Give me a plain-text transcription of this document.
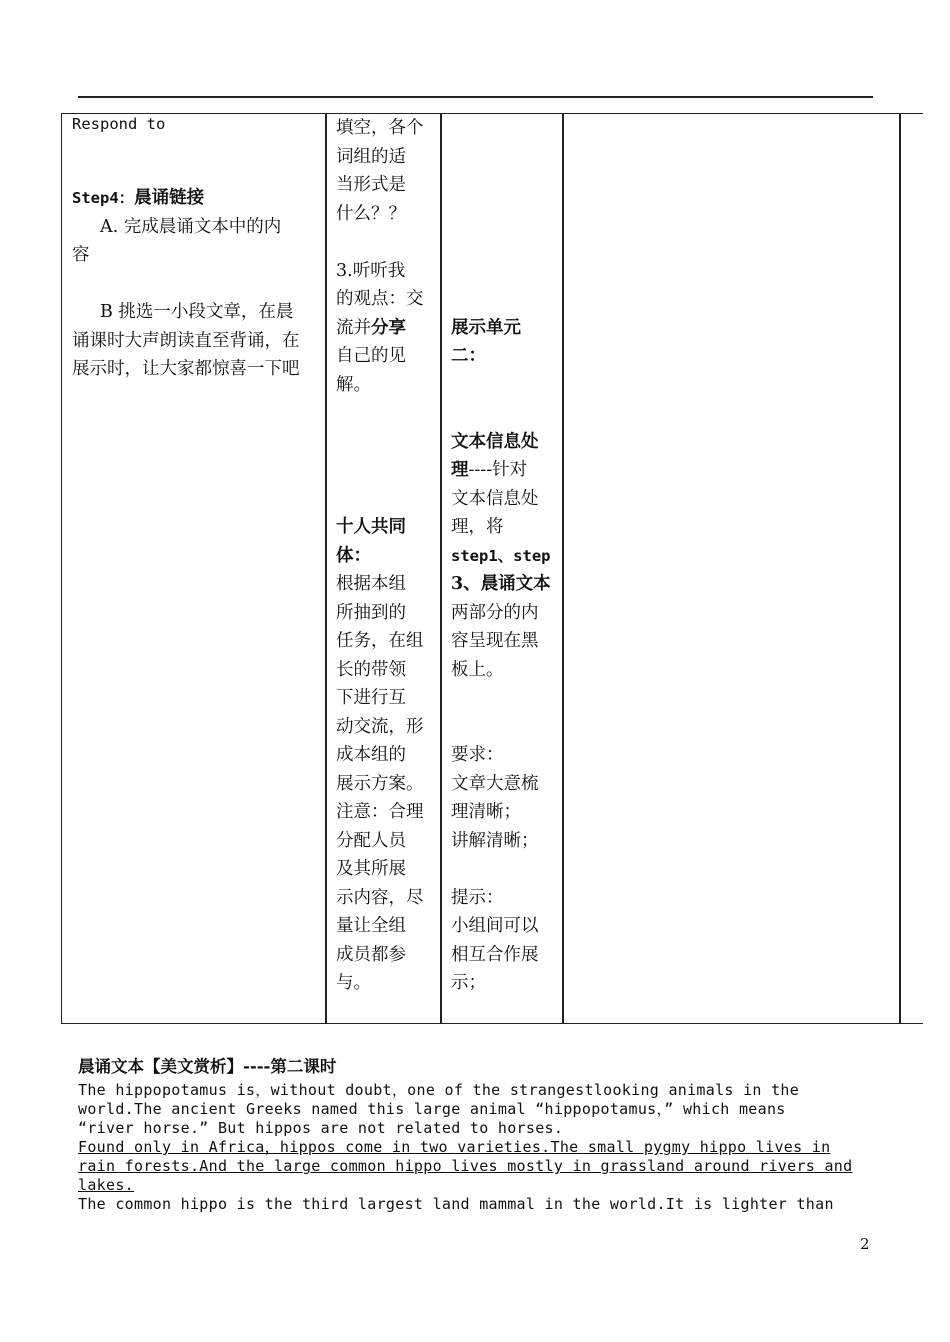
Respond to

Step4：晨诵链接

A. 完成晨诵文本中的内

容

B 挑选一小段文章，在晨

诵课时大声朗读直至背诵，在

展示时，让大家都惊喜一下吧

填空，各个

词组的适

当形式是

什么？？

3.听听我

的观点：交

流并分享

自己的见

解。

十人共同

体：

根据本组

所抽到的

任务，在组

长的带领

下进行互

动交流，形

成本组的

展示方案。

注意：合理

分配人员

及其所展

示内容，尽

量让全组

成员都参

与。

展示单元

二：

文本信息处

理----针对

文本信息处

理，将

step1、step

3、晨诵文本

两部分的内

容呈现在黑

板上。

要求：

文章大意梳

理清晰；

讲解清晰；

提示：

小组间可以

相互合作展

示；

晨诵文本【美文赏析】----第二课时
The hippopotamus is，without doubt，one of the strangestlooking animals in the
world.The ancient Greeks named this large animal “hippopotamus，” which means
“river horse.” But hippos are not related to horses.
Found only in Africa，hippos come in two varieties.The small pygmy hippo lives in
rain forests.And the large common hippo lives mostly in grassland around rivers and
lakes.
The common hippo is the third largest land mammal in the world.It is lighter than
2
